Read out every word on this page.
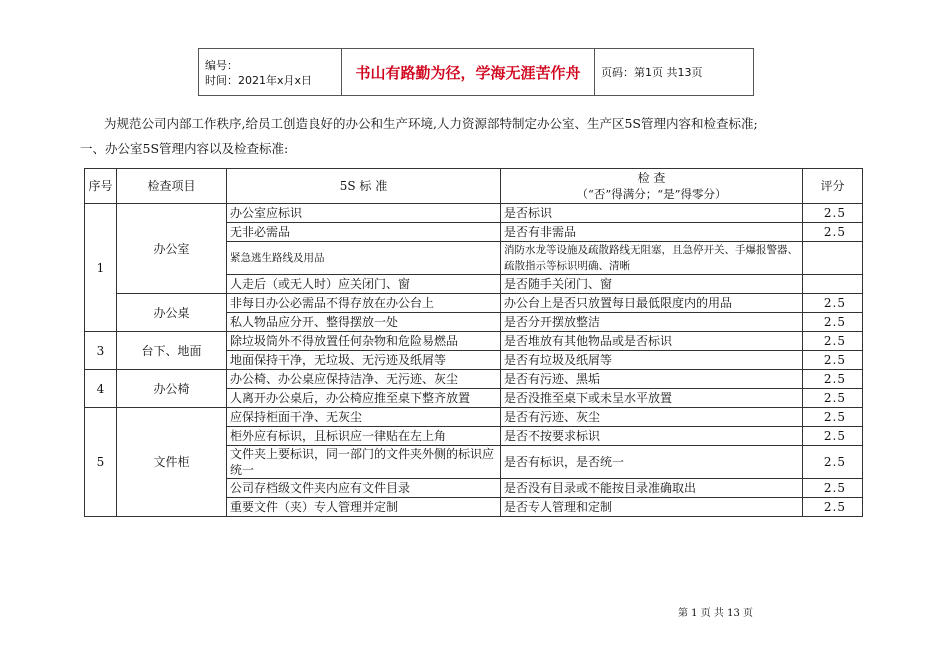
编号：
时间：2021年x月x日	书山有路勤为径，学海无涯苦作舟	页码：第1页 共13页
为规范公司内部工作秩序,给员工创造良好的办公和生产环境,人力资源部特制定办公室、生产区5S管理内容和检查标准;
一、办公室5S管理内容以及检查标准:
序号	检查项目	5S 标 准	检 查
（“否”得满分；“是”得零分）	评分
1	办公室	办公室应标识	是否标识	2.5
		无非必需品	是否有非需品	2.5
		紧急逃生路线及用品	消防水龙等设施及疏散路线无阻塞，且急停开关、手爆报警器、疏散指示等标识明确、清晰	
		人走后（或无人时）应关闭门、窗	是否随手关闭门、窗	
	办公桌	非每日办公必需品不得存放在办公台上	办公台上是否只放置每日最低限度内的用品	2.5
		私人物品应分开、整得摆放一处	是否分开摆放整洁	2.5
3	台下、地面	除垃圾筒外不得放置任何杂物和危险易燃品	是否堆放有其他物品或是否标识	2.5
		地面保持干净，无垃圾、无污迹及纸屑等	是否有垃圾及纸屑等	2.5
4	办公椅	办公椅、办公桌应保持洁净、无污迹、灰尘	是否有污迹、黑垢	2.5
		人离开办公桌后，办公椅应推至桌下整齐放置	是否没推至桌下或未呈水平放置	2.5
5	文件柜	应保持柜面干净、无灰尘	是否有污迹、灰尘	2.5
		柜外应有标识，且标识应一律贴在左上角	是否不按要求标识	2.5
		文件夹上要标识，同一部门的文件夹外侧的标识应统一	是否有标识，是否统一	2.5
		公司存档级文件夹内应有文件目录	是否没有目录或不能按目录准确取出	2.5
		重要文件（夹）专人管理并定制	是否专人管理和定制	2.5
第 1 页 共 13 页
